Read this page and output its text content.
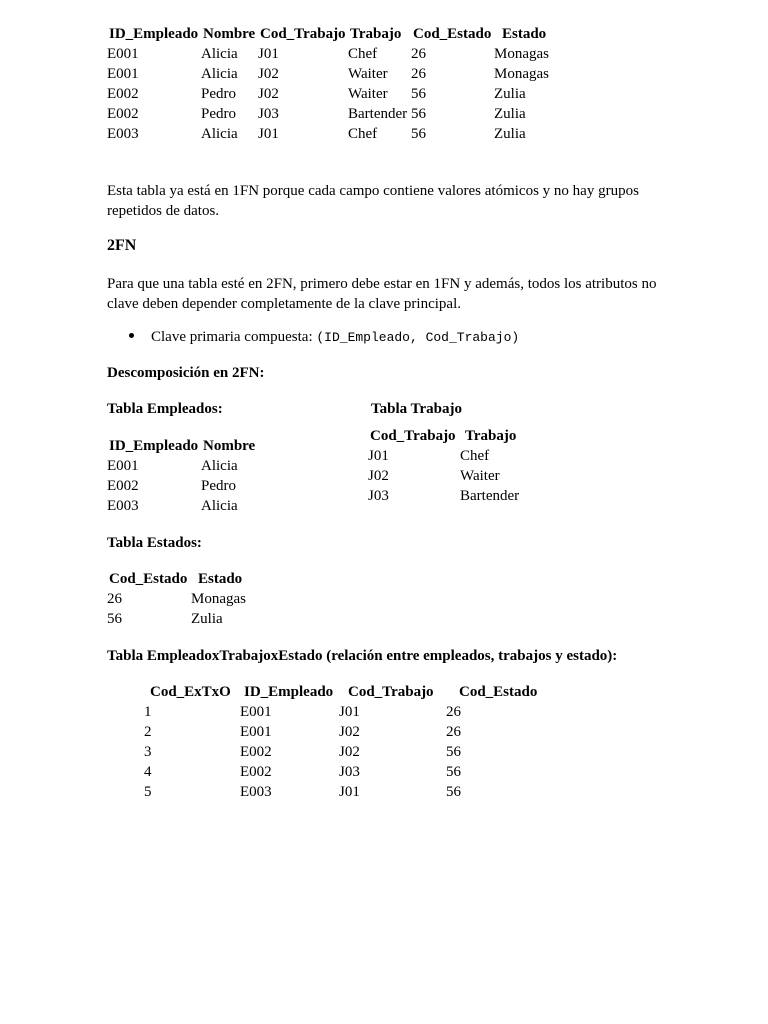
ID_Empleado	Nombre	Cod_Trabajo	Trabajo	Cod_Estado	Estado
E001	Alicia	J01	Chef	26	Monagas
E001	Alicia	J02	Waiter	26	Monagas
E002	Pedro	J02	Waiter	56	Zulia
E002	Pedro	J03	Bartender	56	Zulia
E003	Alicia	J01	Chef	56	Zulia
Esta tabla ya está en 1FN porque cada campo contiene valores atómicos y no hay grupos repetidos de datos.
2FN
Para que una tabla esté en 2FN, primero debe estar en 1FN y además, todos los atributos no clave deben depender completamente de la clave principal.
Clave primaria compuesta: (ID_Empleado, Cod_Trabajo)
Descomposición en 2FN:
Tabla Empleados:	Tabla Trabajo
ID_Empleado	Nombre
E001	Alicia
E002	Pedro
E003	Alicia
Cod_Trabajo	Trabajo
J01	Chef
J02	Waiter
J03	Bartender
Tabla Estados:
Cod_Estado	Estado
26	Monagas
56	Zulia
Tabla EmpleadoxTrabajoxEstado (relación entre empleados, trabajos y estado):
Cod_ExTxO	ID_Empleado	Cod_Trabajo	Cod_Estado
1	E001	J01	26
2	E001	J02	26
3	E002	J02	56
4	E002	J03	56
5	E003	J01	56
